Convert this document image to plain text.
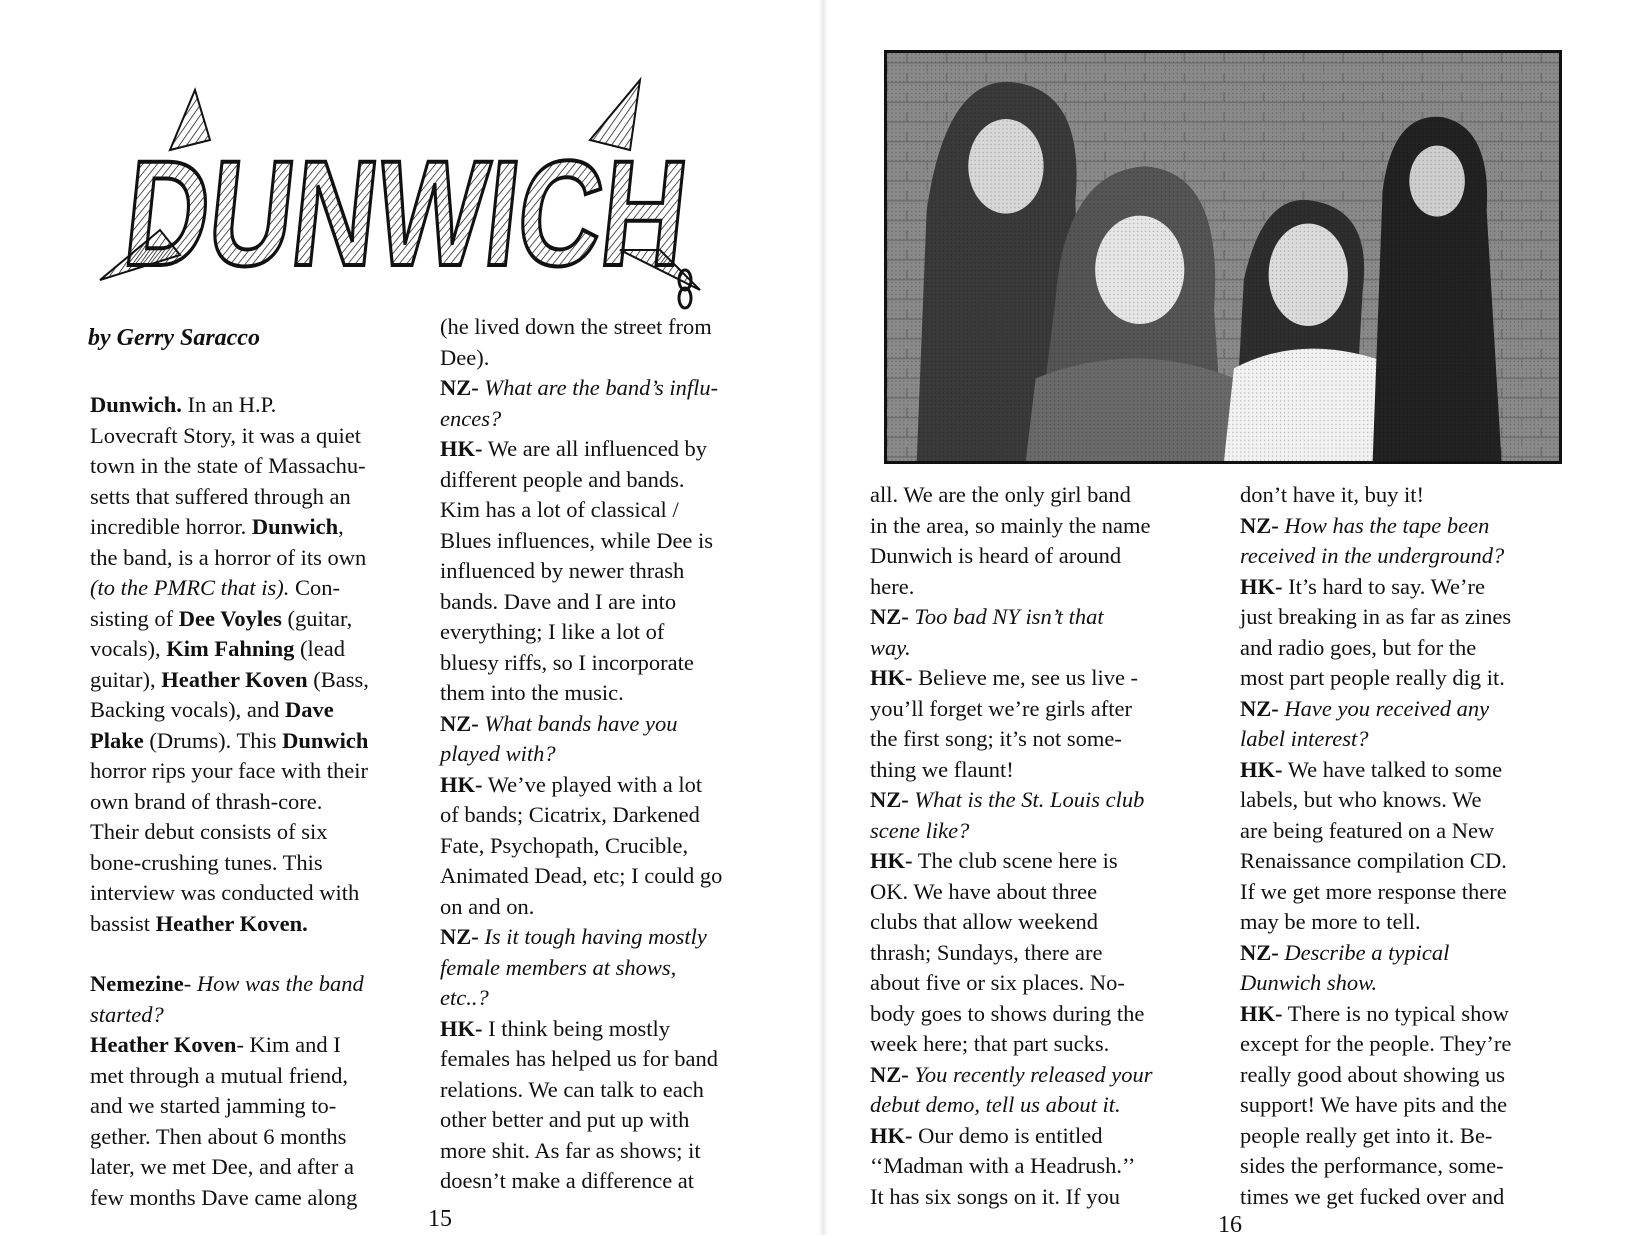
DUNWICH
by Gerry Saracco

Dunwich. In an H.P.

Lovecraft Story, it was a quiet

town in the state of Massachu-

setts that suffered through an

incredible horror. Dunwich,

the band, is a horror of its own

(to the PMRC that is). Con-

sisting of Dee Voyles (guitar,

vocals), Kim Fahning (lead

guitar), Heather Koven (Bass,

Backing vocals), and Dave

Plake (Drums). This Dunwich

horror rips your face with their

own brand of thrash-core.

Their debut consists of six

bone-crushing tunes. This

interview was conducted with

bassist Heather Koven.

Nemezine- How was the band

started?

Heather Koven- Kim and I

met through a mutual friend,

and we started jamming to-

gether. Then about 6 months

later, we met Dee, and after a

few months Dave came along

(he lived down the street from

Dee).

NZ- What are the band’s influ-

ences?

HK- We are all influenced by

different people and bands.

Kim has a lot of classical /

Blues influences, while Dee is

influenced by newer thrash

bands. Dave and I are into

everything; I like a lot of

bluesy riffs, so I incorporate

them into the music.

NZ- What bands have you

played with?

HK- We’ve played with a lot

of bands; Cicatrix, Darkened

Fate, Psychopath, Crucible,

Animated Dead, etc; I could go

on and on.

NZ- Is it tough having mostly

female members at shows,

etc..?

HK- I think being mostly

females has helped us for band

relations. We can talk to each

other better and put up with

more shit. As far as shows; it

doesn’t make a difference at

15

all. We are the only girl band

in the area, so mainly the name

Dunwich is heard of around

here.

NZ- Too bad NY isn’t that

way.

HK- Believe me, see us live -

you’ll forget we’re girls after

the first song; it’s not some-

thing we flaunt!

NZ- What is the St. Louis club

scene like?

HK- The club scene here is

OK. We have about three

clubs that allow weekend

thrash; Sundays, there are

about five or six places. No-

body goes to shows during the

week here; that part sucks.

NZ- You recently released your

debut demo, tell us about it.

HK- Our demo is entitled

‘‘Madman with a Headrush.’’

It has six songs on it. If you

don’t have it, buy it!

NZ- How has the tape been

received in the underground?

HK- It’s hard to say. We’re

just breaking in as far as zines

and radio goes, but for the

most part people really dig it.

NZ- Have you received any

label interest?

HK- We have talked to some

labels, but who knows. We

are being featured on a New

Renaissance compilation CD.

If we get more response there

may be more to tell.

NZ- Describe a typical

Dunwich show.

HK- There is no typical show

except for the people. They’re

really good about showing us

support! We have pits and the

people really get into it. Be-

sides the performance, some-

times we get fucked over and

16
